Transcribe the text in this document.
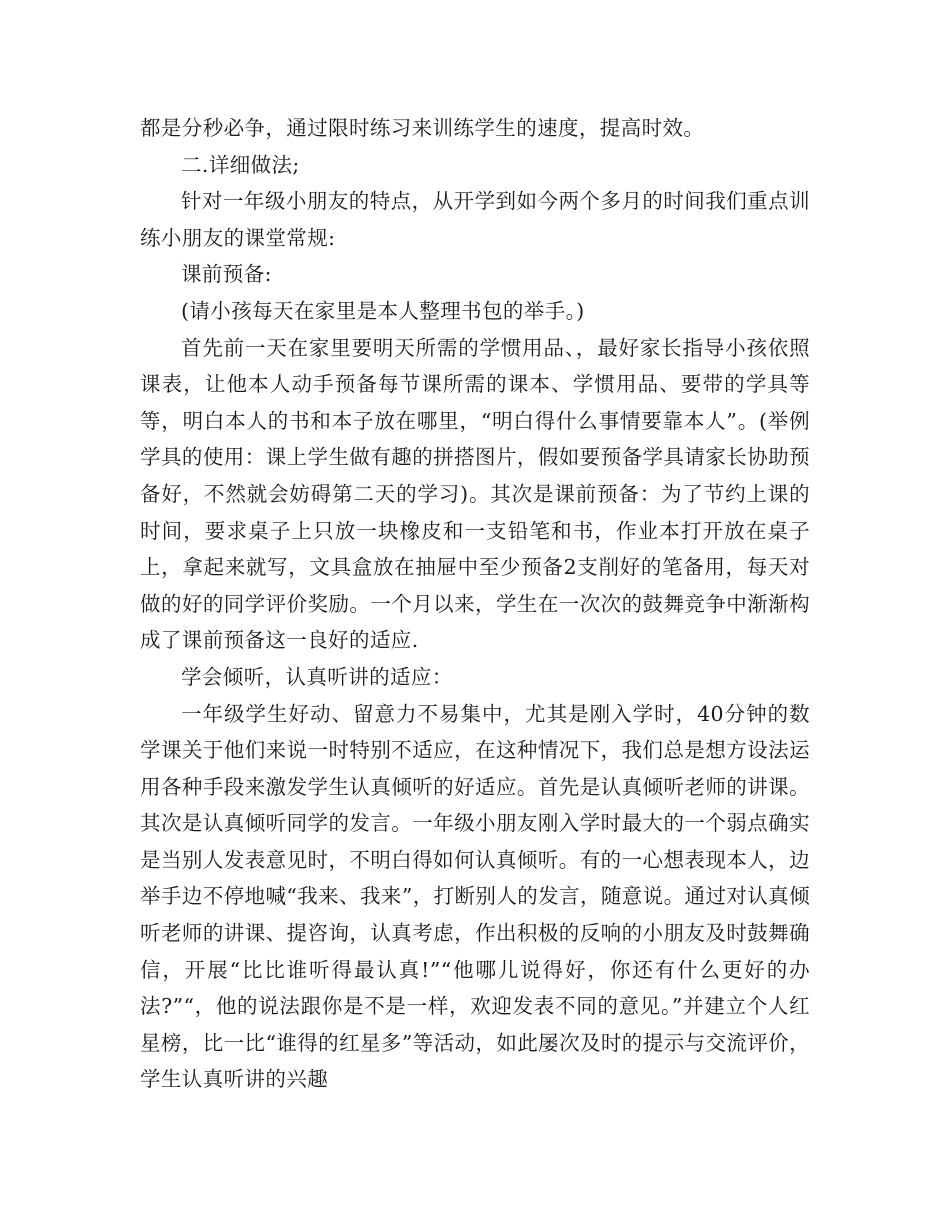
都是分秒必争，通过限时练习来训练学生的速度，提高时效。

二.详细做法;

针对一年级小朋友的特点，从开学到如今两个多月的时间我们重点训练小朋友的课堂常规:

课前预备:

(请小孩每天在家里是本人整理书包的举手。)

首先前一天在家里要明天所需的学惯用品、，最好家长指导小孩依照课表，让他本人动手预备每节课所需的课本、学惯用品、要带的学具等等，明白本人的书和本子放在哪里，“明白得什么事情要靠本人”。(举例学具的使用：课上学生做有趣的拼搭图片，假如要预备学具请家长协助预备好，不然就会妨碍第二天的学习)。其次是课前预备：为了节约上课的时间，要求桌子上只放一块橡皮和一支铅笔和书，作业本打开放在桌子上，拿起来就写，文具盒放在抽屉中至少预备2支削好的笔备用，每天对做的好的同学评价奖励。一个月以来，学生在一次次的鼓舞竞争中渐渐构成了课前预备这一良好的适应.

学会倾听，认真听讲的适应：

一年级学生好动、留意力不易集中，尤其是刚入学时，40分钟的数学课关于他们来说一时特别不适应，在这种情况下，我们总是想方设法运用各种手段来激发学生认真倾听的好适应。首先是认真倾听老师的讲课。其次是认真倾听同学的发言。一年级小朋友刚入学时最大的一个弱点确实是当别人发表意见时，不明白得如何认真倾听。有的一心想表现本人，边举手边不停地喊“我来、我来”，打断别人的发言，随意说。通过对认真倾听老师的讲课、提咨询，认真考虑，作出积极的反响的小朋友及时鼓舞确信，开展“比比谁听得最认真!”“他哪儿说得好，你还有什么更好的办法?”“，他的说法跟你是不是一样，欢迎发表不同的意见。”并建立个人红星榜，比一比“谁得的红星多”等活动，如此屡次及时的提示与交流评价，学生认真听讲的兴趣
